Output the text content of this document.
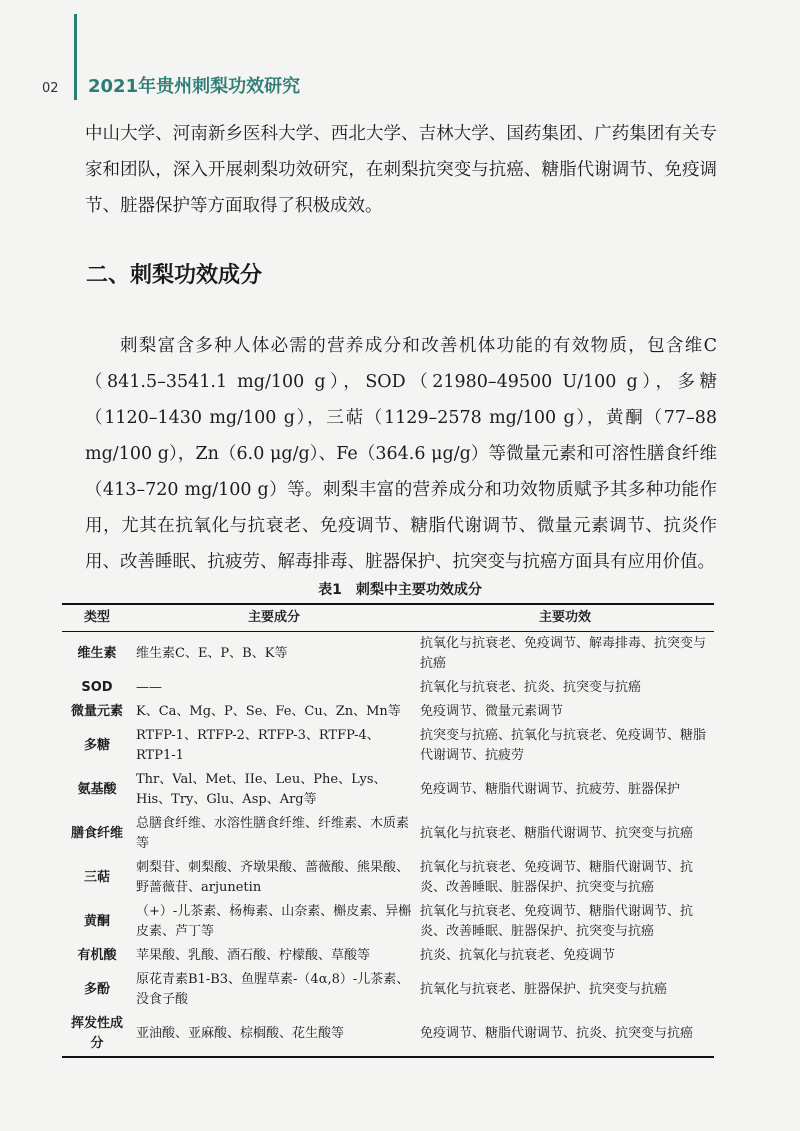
02	2021年贵州刺梨功效研究

中山大学、河南新乡医科大学、西北大学、吉林大学、国药集团、广药集团有关专家和团队，深入开展刺梨功效研究，在刺梨抗突变与抗癌、糖脂代谢调节、免疫调节、脏器保护等方面取得了积极成效。

二、刺梨功效成分

刺梨富含多种人体必需的营养成分和改善机体功能的有效物质，包含维C（841.5–3541.1 mg/100 g），SOD（21980–49500 U/100 g），多糖（1120–1430 mg/100 g），三萜（1129–2578 mg/100 g），黄酮（77–88 mg/100 g），Zn（6.0 μg/g）、Fe（364.6 μg/g）等微量元素和可溶性膳食纤维（413–720 mg/100 g）等。刺梨丰富的营养成分和功效物质赋予其多种功能作用，尤其在抗氧化与抗衰老、免疫调节、糖脂代谢调节、微量元素调节、抗炎作用、改善睡眠、抗疲劳、解毒排毒、脏器保护、抗突变与抗癌方面具有应用价值。

表1　刺梨中主要功效成分
类型	主要成分	主要功效
维生素	维生素C、E、P、B、K等	抗氧化与抗衰老、免疫调节、解毒排毒、抗突变与抗癌
SOD	——	抗氧化与抗衰老、抗炎、抗突变与抗癌
微量元素	K、Ca、Mg、P、Se、Fe、Cu、Zn、Mn等	免疫调节、微量元素调节
多糖	RTFP-1、RTFP-2、RTFP-3、RTFP-4、RTP1-1	抗突变与抗癌、抗氧化与抗衰老、免疫调节、糖脂代谢调节、抗疲劳
氨基酸	Thr、Val、Met、IIe、Leu、Phe、Lys、His、Try、Glu、Asp、Arg等	免疫调节、糖脂代谢调节、抗疲劳、脏器保护
膳食纤维	总膳食纤维、水溶性膳食纤维、纤维素、木质素等	抗氧化与抗衰老、糖脂代谢调节、抗突变与抗癌
三萜	刺梨苷、刺梨酸、齐墩果酸、蔷薇酸、熊果酸、野蔷薇苷、arjunetin	抗氧化与抗衰老、免疫调节、糖脂代谢调节、抗炎、改善睡眠、脏器保护、抗突变与抗癌
黄酮	（+）-儿茶素、杨梅素、山奈素、槲皮素、异槲皮素、芦丁等	抗氧化与抗衰老、免疫调节、糖脂代谢调节、抗炎、改善睡眠、脏器保护、抗突变与抗癌
有机酸	苹果酸、乳酸、酒石酸、柠檬酸、草酸等	抗炎、抗氧化与抗衰老、免疫调节
多酚	原花青素B1-B3、鱼腥草素-（4α,8）-儿茶素、没食子酸	抗氧化与抗衰老、脏器保护、抗突变与抗癌
挥发性成分	亚油酸、亚麻酸、棕榈酸、花生酸等	免疫调节、糖脂代谢调节、抗炎、抗突变与抗癌
